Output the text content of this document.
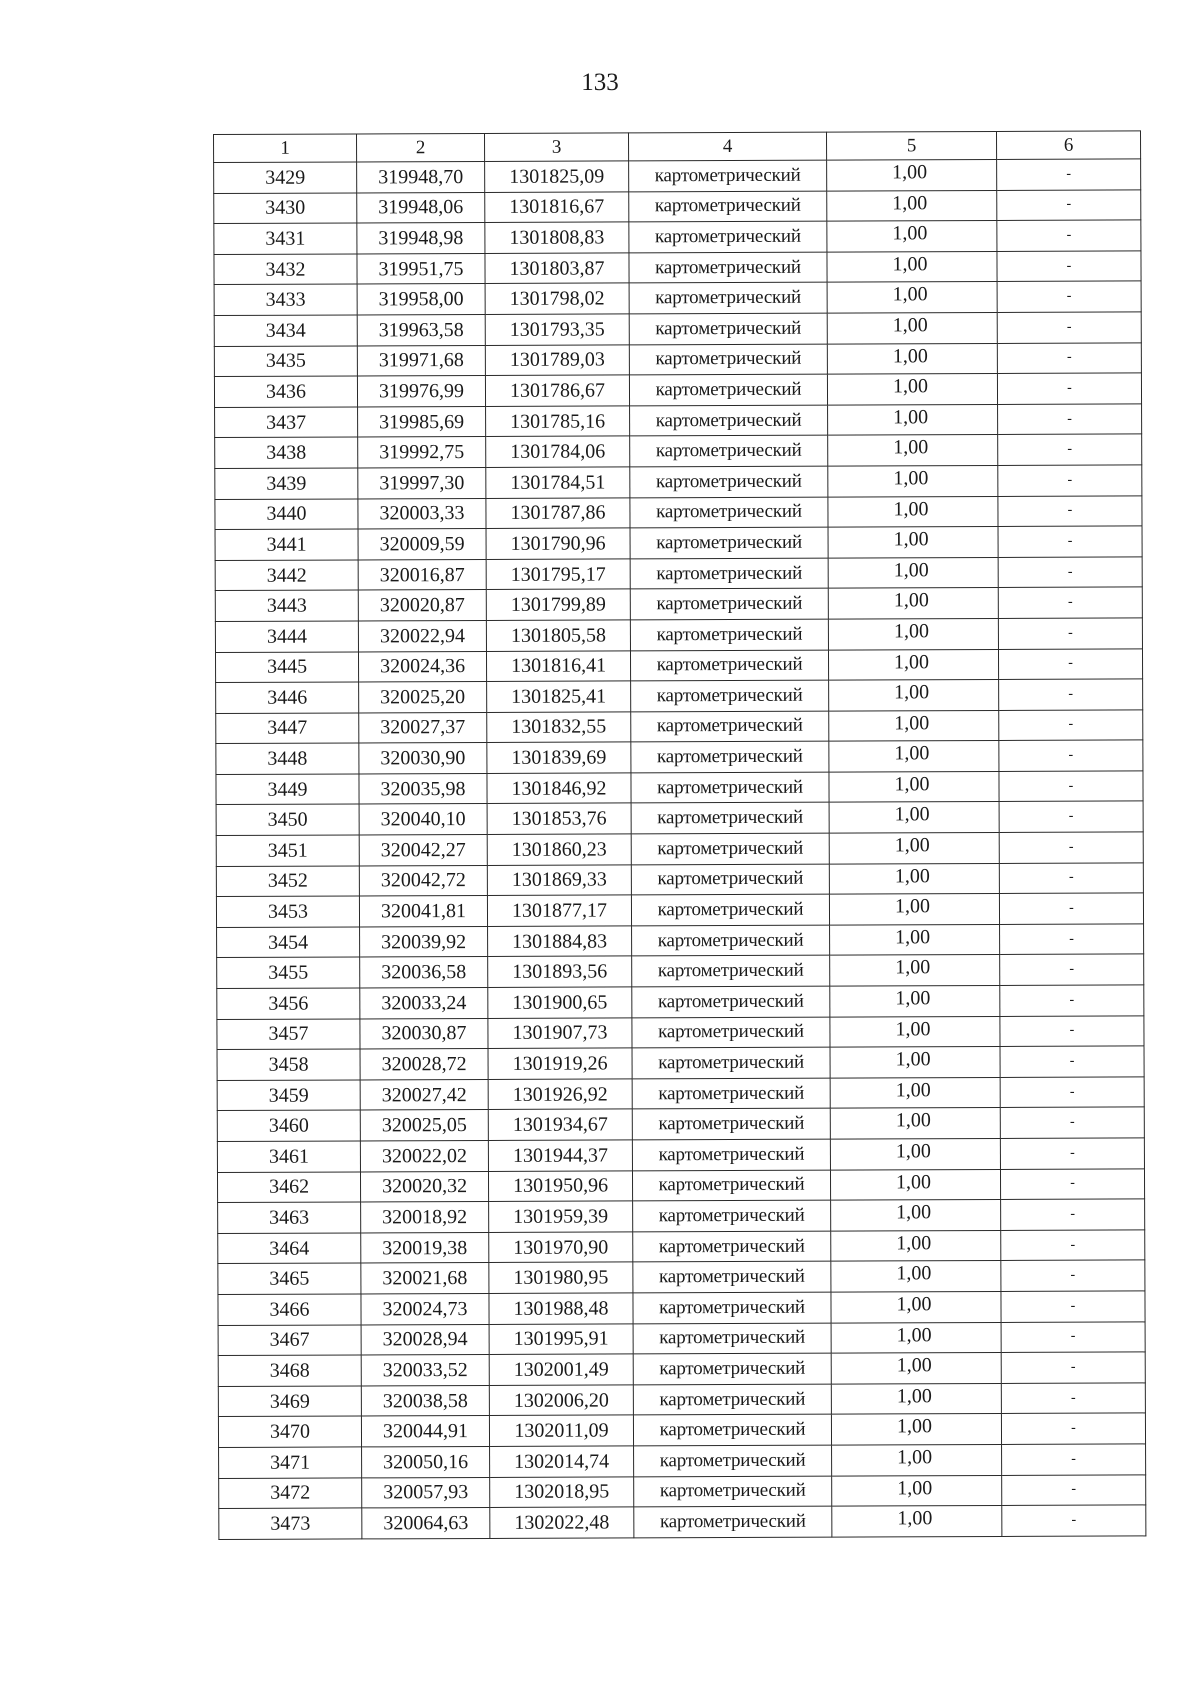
133
1	2	3	4	5	6
3429	319948,70	1301825,09	картометрический	1,00	-
3430	319948,06	1301816,67	картометрический	1,00	-
3431	319948,98	1301808,83	картометрический	1,00	-
3432	319951,75	1301803,87	картометрический	1,00	-
3433	319958,00	1301798,02	картометрический	1,00	-
3434	319963,58	1301793,35	картометрический	1,00	-
3435	319971,68	1301789,03	картометрический	1,00	-
3436	319976,99	1301786,67	картометрический	1,00	-
3437	319985,69	1301785,16	картометрический	1,00	-
3438	319992,75	1301784,06	картометрический	1,00	-
3439	319997,30	1301784,51	картометрический	1,00	-
3440	320003,33	1301787,86	картометрический	1,00	-
3441	320009,59	1301790,96	картометрический	1,00	-
3442	320016,87	1301795,17	картометрический	1,00	-
3443	320020,87	1301799,89	картометрический	1,00	-
3444	320022,94	1301805,58	картометрический	1,00	-
3445	320024,36	1301816,41	картометрический	1,00	-
3446	320025,20	1301825,41	картометрический	1,00	-
3447	320027,37	1301832,55	картометрический	1,00	-
3448	320030,90	1301839,69	картометрический	1,00	-
3449	320035,98	1301846,92	картометрический	1,00	-
3450	320040,10	1301853,76	картометрический	1,00	-
3451	320042,27	1301860,23	картометрический	1,00	-
3452	320042,72	1301869,33	картометрический	1,00	-
3453	320041,81	1301877,17	картометрический	1,00	-
3454	320039,92	1301884,83	картометрический	1,00	-
3455	320036,58	1301893,56	картометрический	1,00	-
3456	320033,24	1301900,65	картометрический	1,00	-
3457	320030,87	1301907,73	картометрический	1,00	-
3458	320028,72	1301919,26	картометрический	1,00	-
3459	320027,42	1301926,92	картометрический	1,00	-
3460	320025,05	1301934,67	картометрический	1,00	-
3461	320022,02	1301944,37	картометрический	1,00	-
3462	320020,32	1301950,96	картометрический	1,00	-
3463	320018,92	1301959,39	картометрический	1,00	-
3464	320019,38	1301970,90	картометрический	1,00	-
3465	320021,68	1301980,95	картометрический	1,00	-
3466	320024,73	1301988,48	картометрический	1,00	-
3467	320028,94	1301995,91	картометрический	1,00	-
3468	320033,52	1302001,49	картометрический	1,00	-
3469	320038,58	1302006,20	картометрический	1,00	-
3470	320044,91	1302011,09	картометрический	1,00	-
3471	320050,16	1302014,74	картометрический	1,00	-
3472	320057,93	1302018,95	картометрический	1,00	-
3473	320064,63	1302022,48	картометрический	1,00	-
